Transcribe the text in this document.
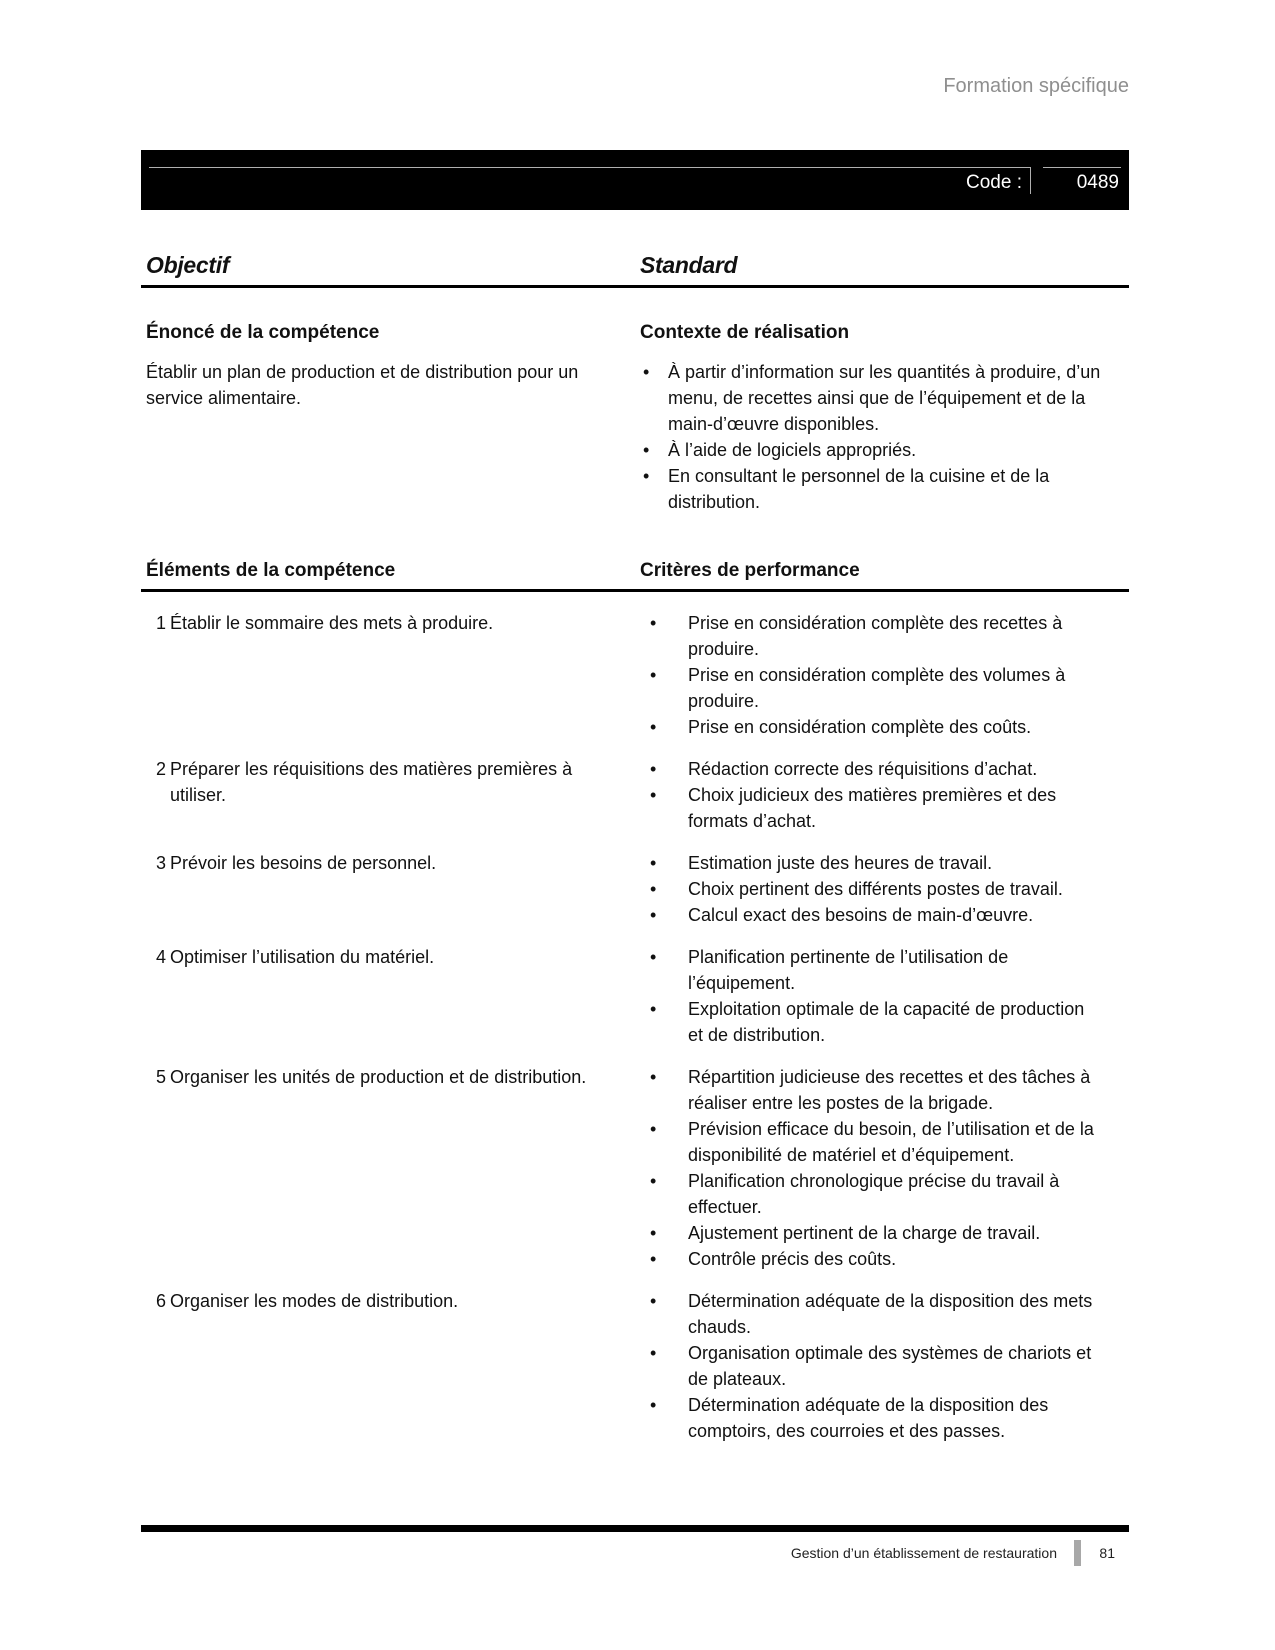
Formation spécifique
Code :	0489
Objectif	Standard
Énoncé de la compétence
Établir un plan de production et de distribution pour un service alimentaire.
Contexte de réalisation
• À partir d’information sur les quantités à produire, d’un menu, de recettes ainsi que de l’équipement et de la main-d’œuvre disponibles.
• À l’aide de logiciels appropriés.
• En consultant le personnel de la cuisine et de la distribution.
Éléments de la compétence	Critères de performance
1 Établir le sommaire des mets à produire.	• Prise en considération complète des recettes à produire.
• Prise en considération complète des volumes à produire.
• Prise en considération complète des coûts.
2 Préparer les réquisitions des matières premières à utiliser.
• Rédaction correcte des réquisitions d’achat.
• Choix judicieux des matières premières et des formats d’achat.
3 Prévoir les besoins de personnel.	• Estimation juste des heures de travail.
• Choix pertinent des différents postes de travail.
• Calcul exact des besoins de main-d’œuvre.
4 Optimiser l’utilisation du matériel.	• Planification pertinente de l’utilisation de l’équipement.
• Exploitation optimale de la capacité de production et de distribution.
5 Organiser les unités de production et de distribution.	• Répartition judicieuse des recettes et des tâches à réaliser entre les postes de la brigade.
• Prévision efficace du besoin, de l’utilisation et de la disponibilité de matériel et d’équipement.
• Planification chronologique précise du travail à effectuer.
• Ajustement pertinent de la charge de travail.
• Contrôle précis des coûts.
6 Organiser les modes de distribution.	• Détermination adéquate de la disposition des mets chauds.
• Organisation optimale des systèmes de chariots et de plateaux.
• Détermination adéquate de la disposition des comptoirs, des courroies et des passes.
Gestion d’un établissement de restauration	81
